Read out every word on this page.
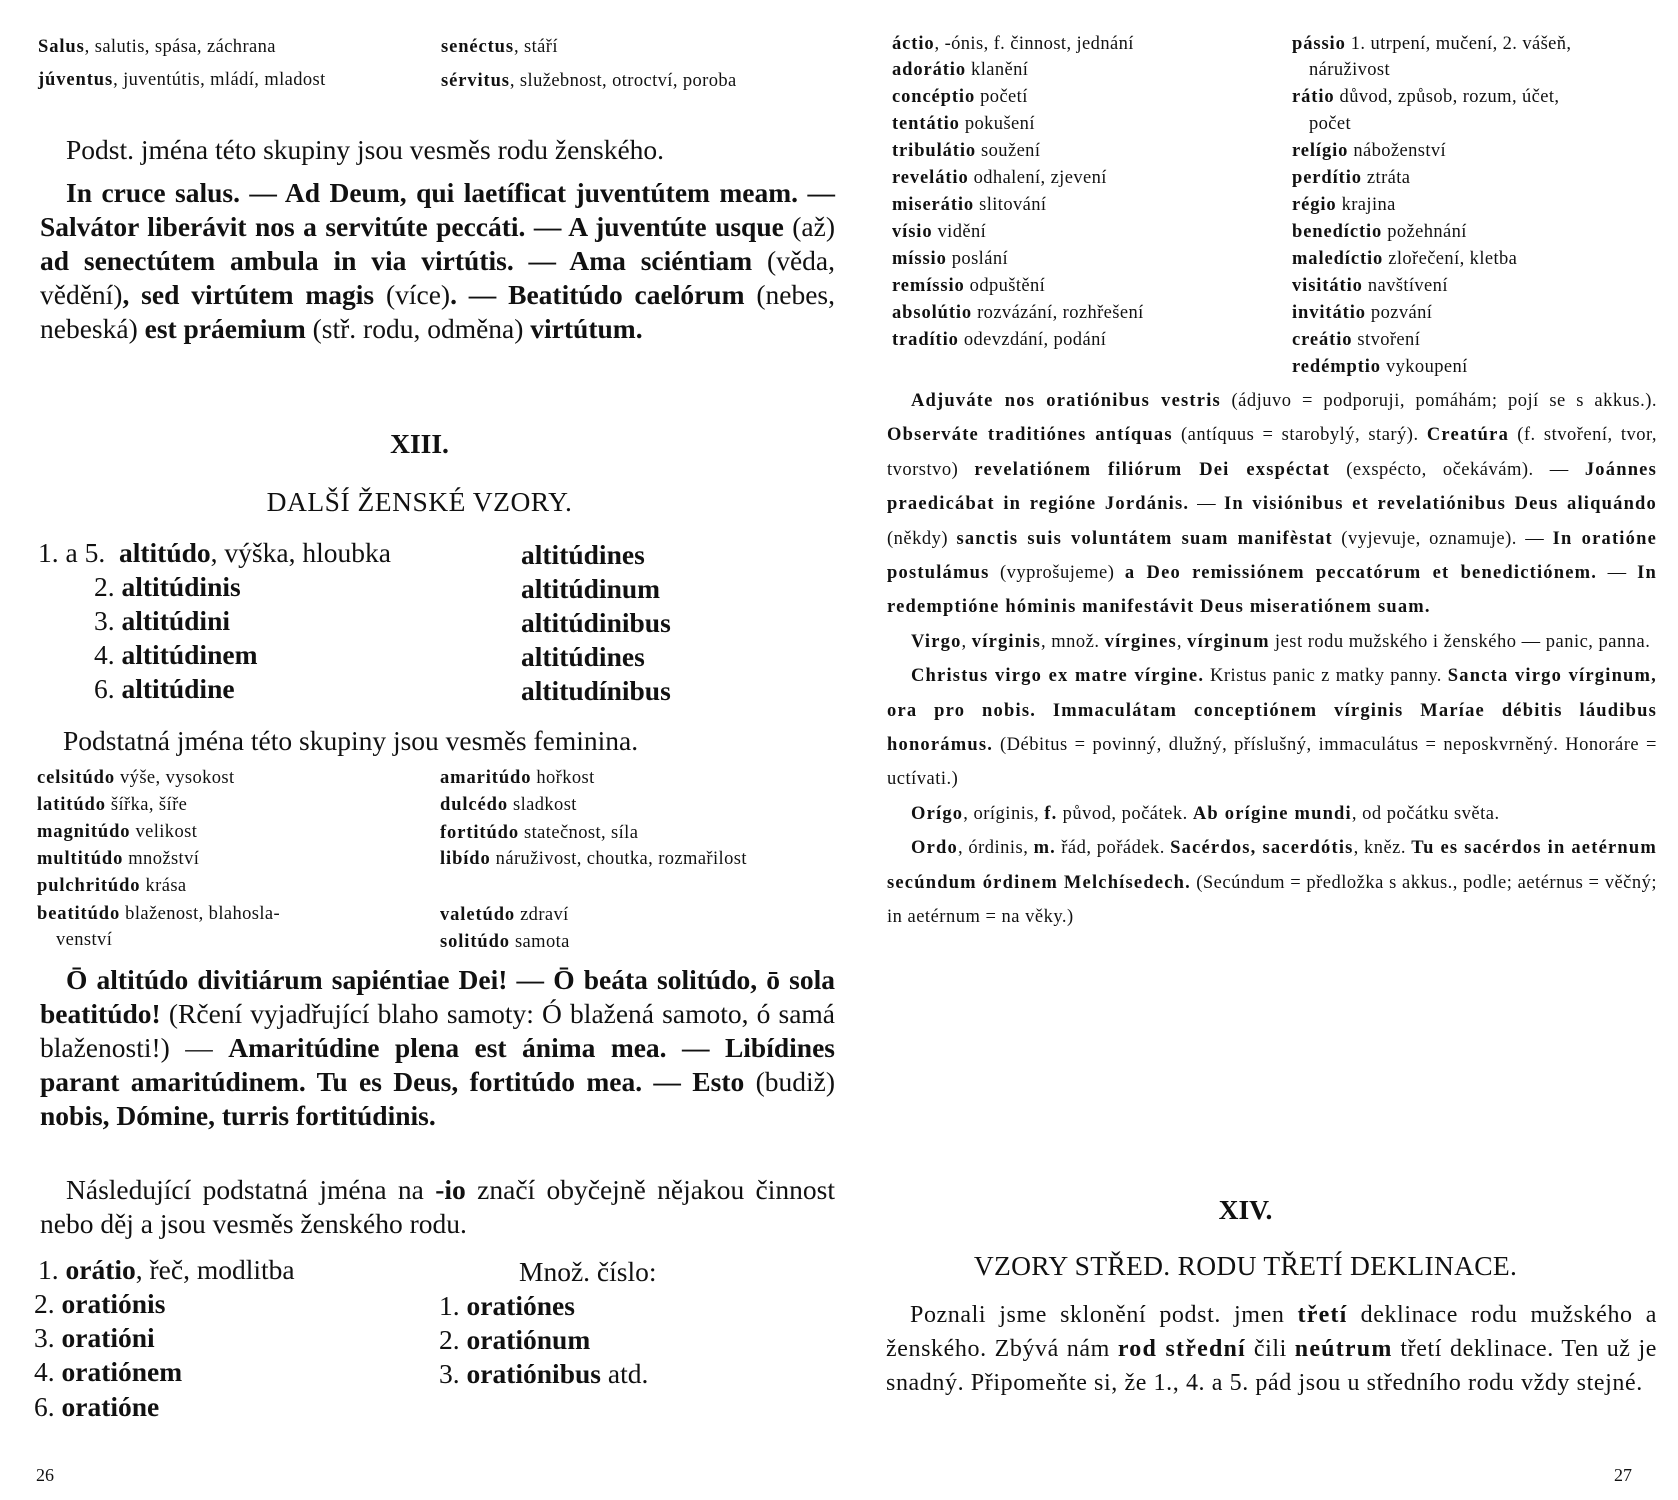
Salus, salutis, spása, záchrana
júventus, juventútis, mládí, mladost
senéctus, stáří
sérvitus, služebnost, otroctví, poroba
Podst. jména této skupiny jsou vesměs rodu ženského.

In cruce salus. — Ad Deum, qui laetíficat juventútem meam. — Salvátor liberávit nos a servitúte peccáti. — A juventúte usque (až) ad senectútem ambula in via virtútis. — Ama sciéntiam (věda, vědění), sed virtútem magis (více). — Beatitúdo caelórum (nebes, nebeská) est práemium (stř. rodu, odměna) virtútum.

XIII.
DALŠÍ ŽENSKÉ VZORY.
1. a 5. altitúdo, výška, hloubka
2. altitúdinis
3. altitúdini
4. altitúdinem
6. altitúdine
altitúdines
altitúdinum
altitúdinibus
altitúdines
altitudínibus
Podstatná jména této skupiny jsou vesměs feminina.
celsitúdo výše, vysokost
latitúdo šířka, šíře
magnitúdo velikost
multitúdo množství
pulchritúdo krása
beatitúdo blaženost, blahosla-
venství
amaritúdo hořkost
dulcédo sladkost
fortitúdo statečnost, síla
libído náruživost, choutka, rozmařilost
valetúdo zdraví
solitúdo samota

Ō altitúdo divitiárum sapiéntiae Dei! — Ō beáta solitúdo, ō sola beatitúdo! (Rčení vyjadřující blaho samoty: Ó blažená samoto, ó samá blaženosti!) — Amaritúdine plena est ánima mea. — Libídines parant amaritúdinem. Tu es Deus, fortitúdo mea. — Esto (budiž) nobis, Dómine, turris fortitúdinis.

Následující podstatná jména na -io značí obyčejně nějakou činnost nebo děj a jsou vesměs ženského rodu.

1. orátio, řeč, modlitba
2. oratiónis
3. oratióni
4. oratiónem
6. oratióne
Množ. číslo:
1. oratiónes
2. oratiónum
3. oratiónibus atd.
26
áctio, -ónis, f. činnost, jednání
adorátio klanění
concéptio početí
tentátio pokušení
tribulátio soužení
revelátio odhalení, zjevení
miserátio slitování
vísio vidění
míssio poslání
remíssio odpuštění
absolútio rozvázání, rozhřešení
tradítio odevzdání, podání
pássio 1. utrpení, mučení, 2. vášeň,
náruživost
rátio důvod, způsob, rozum, účet,
počet
relígio náboženství
perdítio ztráta
régio krajina
benedíctio požehnání
maledíctio zlořečení, kletba
visitátio navštívení
invitátio pozvání
creátio stvoření
redémptio vykoupení

Adjuváte nos oratiónibus vestris (ádjuvo = podporuji, pomáhám; pojí se s akkus.). Observáte traditiónes antíquas (antíquus = starobylý, starý). Creatúra (f. stvoření, tvor, tvorstvo) revelatiónem filiórum Dei exspéctat (exspécto, očekávám). — Joánnes praedicábat in regióne Jordánis. — In visiónibus et revelatiónibus Deus aliquándo (někdy) sanctis suis voluntátem suam manifèstat (vyjevuje, oznamuje). — In oratióne postulámus (vyprošujeme) a Deo remissiónem peccatórum et benedictiónem. — In redemptióne hóminis manifestávit Deus miseratiónem suam.

Virgo, vírginis, množ. vírgines, vírginum jest rodu mužského i ženského — panic, panna.

Christus virgo ex matre vírgine. Kristus panic z matky panny. Sancta virgo vírginum, ora pro nobis. Immaculátam conceptiónem vírginis Maríae débitis láudibus honorámus. (Débitus = povinný, dlužný, příslušný, immaculátus = neposkvrněný. Honoráre = uctívati.)

Orígo, oríginis, f. původ, počátek. Ab orígine mundi, od počátku světa.

Ordo, órdinis, m. řád, pořádek. Sacérdos, sacerdótis, kněz. Tu es sacérdos in aetérnum secúndum órdinem Melchísedech. (Secúndum = předložka s akkus., podle; aetérnus = věčný; in aetérnum = na věky.)

XIV.
VZORY STŘED. RODU TŘETÍ DEKLINACE.

Poznali jsme sklonění podst. jmen třetí deklinace rodu mužského a ženského. Zbývá nám rod střední čili neútrum třetí deklinace. Ten už je snadný. Připomeňte si, že 1., 4. a 5. pád jsou u středního rodu vždy stejné.

27
